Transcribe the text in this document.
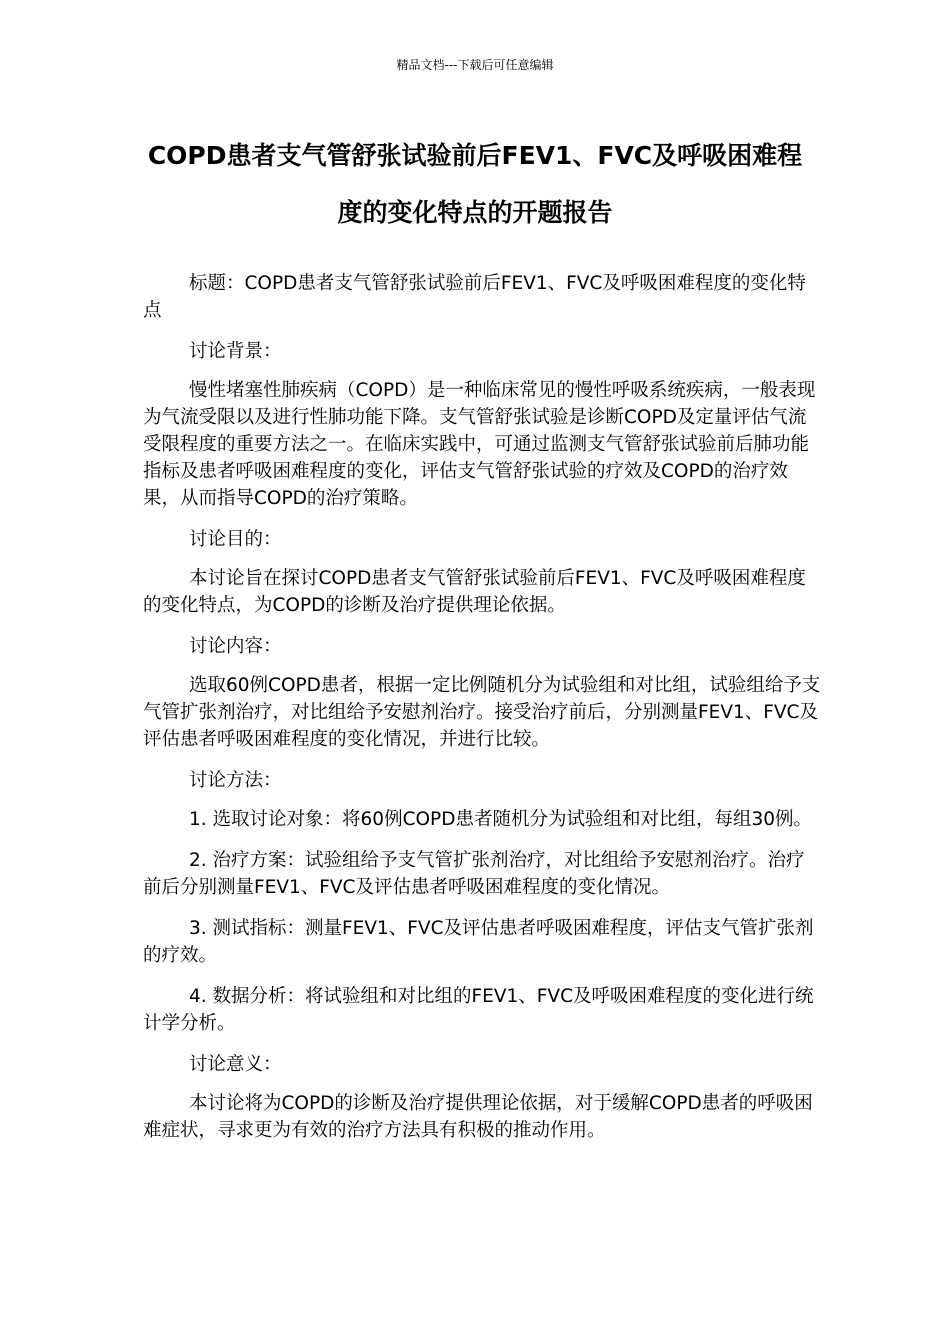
精品文档---下载后可任意编辑
COPD患者支气管舒张试验前后FEV1、FVC及呼吸困难程度的变化特点的开题报告

标题：COPD患者支气管舒张试验前后FEV1、FVC及呼吸困难程度的变化特点

讨论背景：

慢性堵塞性肺疾病（COPD）是一种临床常见的慢性呼吸系统疾病，一般表现为气流受限以及进行性肺功能下降。支气管舒张试验是诊断COPD及定量评估气流受限程度的重要方法之一。在临床实践中，可通过监测支气管舒张试验前后肺功能指标及患者呼吸困难程度的变化，评估支气管舒张试验的疗效及COPD的治疗效果，从而指导COPD的治疗策略。

讨论目的：

本讨论旨在探讨COPD患者支气管舒张试验前后FEV1、FVC及呼吸困难程度的变化特点，为COPD的诊断及治疗提供理论依据。

讨论内容：

选取60例COPD患者，根据一定比例随机分为试验组和对比组，试验组给予支气管扩张剂治疗，对比组给予安慰剂治疗。接受治疗前后，分别测量FEV1、FVC及评估患者呼吸困难程度的变化情况，并进行比较。

讨论方法：

1. 选取讨论对象：将60例COPD患者随机分为试验组和对比组，每组30例。

2. 治疗方案：试验组给予支气管扩张剂治疗，对比组给予安慰剂治疗。治疗前后分别测量FEV1、FVC及评估患者呼吸困难程度的变化情况。

3. 测试指标：测量FEV1、FVC及评估患者呼吸困难程度，评估支气管扩张剂的疗效。

4. 数据分析：将试验组和对比组的FEV1、FVC及呼吸困难程度的变化进行统计学分析。

讨论意义：

本讨论将为COPD的诊断及治疗提供理论依据，对于缓解COPD患者的呼吸困难症状，寻求更为有效的治疗方法具有积极的推动作用。
